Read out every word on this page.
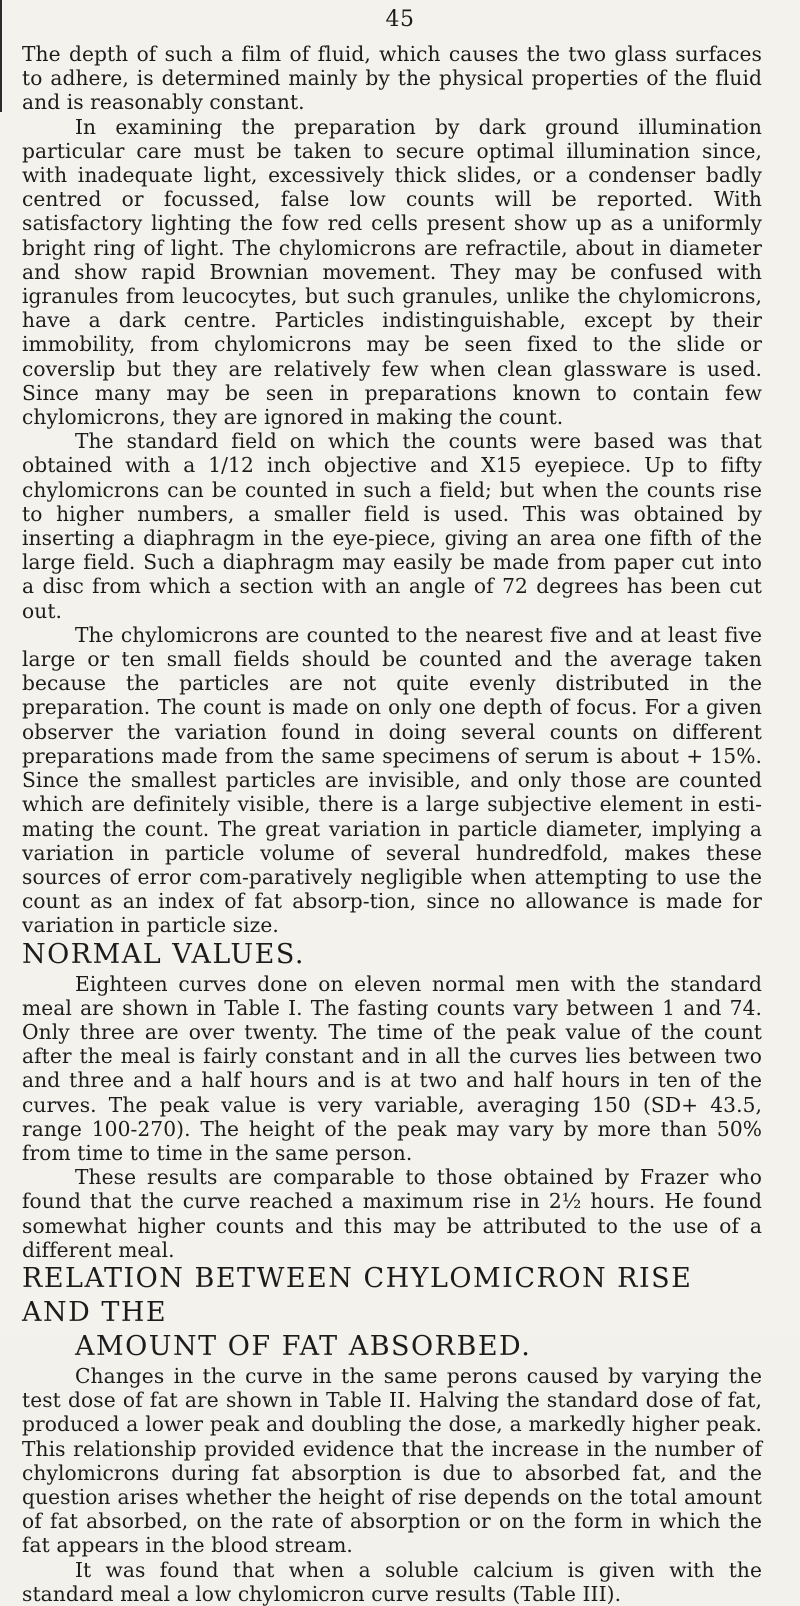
45

The depth of such a film of fluid, which causes the two glass surfaces to adhere, is determined mainly by the physical properties of the fluid and is reasonably constant.

In examining the preparation by dark ground illumination particular care must be taken to secure optimal illumination since, with inadequate light, excessively thick slides, or a condenser badly centred or focussed, false low counts will be reported. With satisfactory lighting the fow red cells present show up as a uniformly bright ring of light. The chylomicrons are refractile, about in diameter and show rapid Brownian movement. They may be confused with igranules from leucocytes, but such granules, unlike the chylomicrons, have a dark centre. Particles indistinguishable, except by their immobility, from chylomicrons may be seen fixed to the slide or coverslip but they are relatively few when clean glassware is used. Since many may be seen in preparations known to contain few chylomicrons, they are ignored in making the count.

The standard field on which the counts were based was that obtained with a 1/12 inch objective and X15 eyepiece. Up to fifty chylomicrons can be counted in such a field; but when the counts rise to higher numbers, a smaller field is used. This was obtained by inserting a diaphragm in the eye-piece, giving an area one fifth of the large field. Such a diaphragm may easily be made from paper cut into a disc from which a section with an angle of 72 degrees has been cut out.

The chylomicrons are counted to the nearest five and at least five large or ten small fields should be counted and the average taken because the particles are not quite evenly distributed in the preparation. The count is made on only one depth of focus. For a given observer the variation found in doing several counts on different preparations made from the same specimens of serum is about + 15%. Since the smallest particles are invisible, and only those are counted which are definitely visible, there is a large subjective element in esti-mating the count. The great variation in particle diameter, implying a variation in particle volume of several hundredfold, makes these sources of error com-paratively negligible when attempting to use the count as an index of fat absorp-tion, since no allowance is made for variation in particle size.

NORMAL VALUES.

Eighteen curves done on eleven normal men with the standard meal are shown in Table I. The fasting counts vary between 1 and 74. Only three are over twenty. The time of the peak value of the count after the meal is fairly constant and in all the curves lies between two and three and a half hours and is at two and half hours in ten of the curves. The peak value is very variable, averaging 150 (SD+ 43.5, range 100-270). The height of the peak may vary by more than 50% from time to time in the same person.

These results are comparable to those obtained by Frazer who found that the curve reached a maximum rise in 2½ hours. He found somewhat higher counts and this may be attributed to the use of a different meal.

RELATION BETWEEN CHYLOMICRON RISE AND THE
AMOUNT OF FAT ABSORBED.

Changes in the curve in the same perons caused by varying the test dose of fat are shown in Table II. Halving the standard dose of fat, produced a lower peak and doubling the dose, a markedly higher peak. This relationship provided evidence that the increase in the number of chylomicrons during fat absorption is due to absorbed fat, and the question arises whether the height of rise depends on the total amount of fat absorbed, on the rate of absorption or on the form in which the fat appears in the blood stream.

It was found that when a soluble calcium is given with the standard meal a low chylomicron curve results (Table III).
